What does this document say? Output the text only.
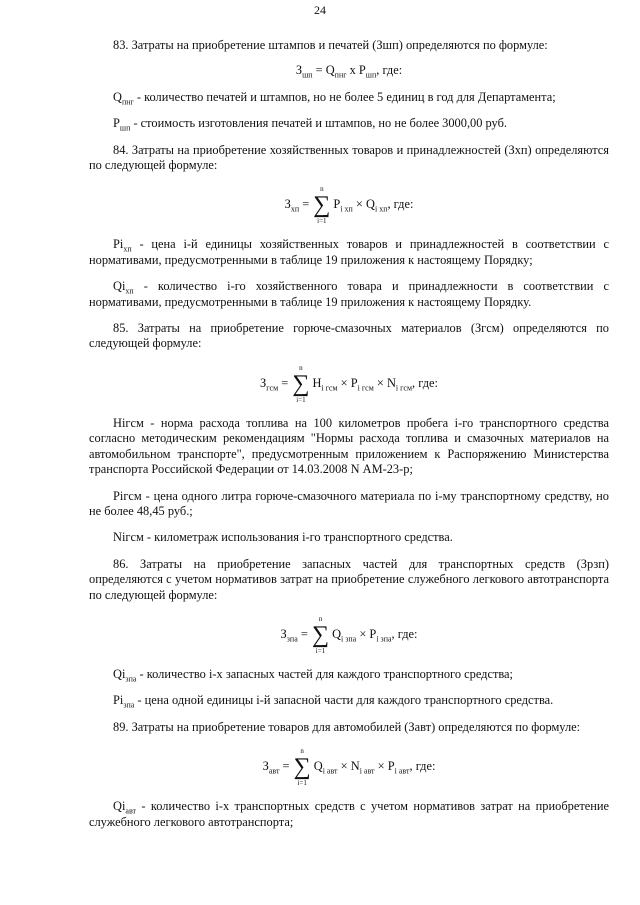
24

83. Затраты на приобретение штампов и печатей (Зшп) определяются по формуле:

$З_{шп} = Q_{пнг}$ х $P_{шп}$, где:

$Q_{пнг}$ - количество печатей и штампов, но не более 5 единиц в год для Департамента;

$P_{шп}$ - стоимость изготовления печатей и штампов, но не более 3000,00 руб.

84. Затраты на приобретение хозяйственных товаров и принадлежностей (Зхп) определяются по следующей формуле:

$З_{хп}$ =
n
∑
i=1
$P_{i хп} \times Q_{i хп}$, где:

$Pi_{хп}$ - цена i-й единицы хозяйственных товаров и принадлежностей в соответствии с нормативами, предусмотренными в таблице 19 приложения к настоящему Порядку;

$Qi_{хп}$ - количество i-го хозяйственного товара и принадлежности в соответствии с нормативами, предусмотренными в таблице 19 приложения к настоящему Порядку.

85. Затраты на приобретение горюче-смазочных материалов (Згсм) определяются по следующей формуле:

$З_{гсм}$ =
n
∑
i=1
$H_{i гсм} \times P_{i гсм} \times N_{i гсм}$, где:

Hiгсм - норма расхода топлива на 100 километров пробега i-го транспортного средства согласно методическим рекомендациям "Нормы расхода топлива и смазочных материалов на автомобильном транспорте", предусмотренным приложением к Распоряжению Министерства транспорта Российской Федерации от 14.03.2008 N АМ-23-р;

Piгсм - цена одного литра горюче-смазочного материала по i-му транспортному средству, но не более 48,45 руб.;

Niгсм - километраж использования i-го транспортного средства.

86. Затраты на приобретение запасных частей для транспортных средств (Зрзп) определяются с учетом нормативов затрат на приобретение служебного легкового автотранспорта по следующей формуле:

$З_{зпа}$ =
n
∑
i=1
$Q_{i зпа} \times P_{i зпа}$, где:

$Qi_{зпа}$ - количество i-х запасных частей для каждого транспортного средства;

$Pi_{зпа}$ - цена одной единицы i-й запасной части для каждого транспортного средства.

89. Затраты на приобретение товаров для автомобилей (Завт) определяются по формуле:

$З_{авт}$ =
n
∑
i=1
$Q_{i авт} \times N_{i авт} \times P_{i авт}$, где:

$Qi_{авт}$ - количество i-х транспортных средств с учетом нормативов затрат на приобретение служебного легкового автотранспорта;
